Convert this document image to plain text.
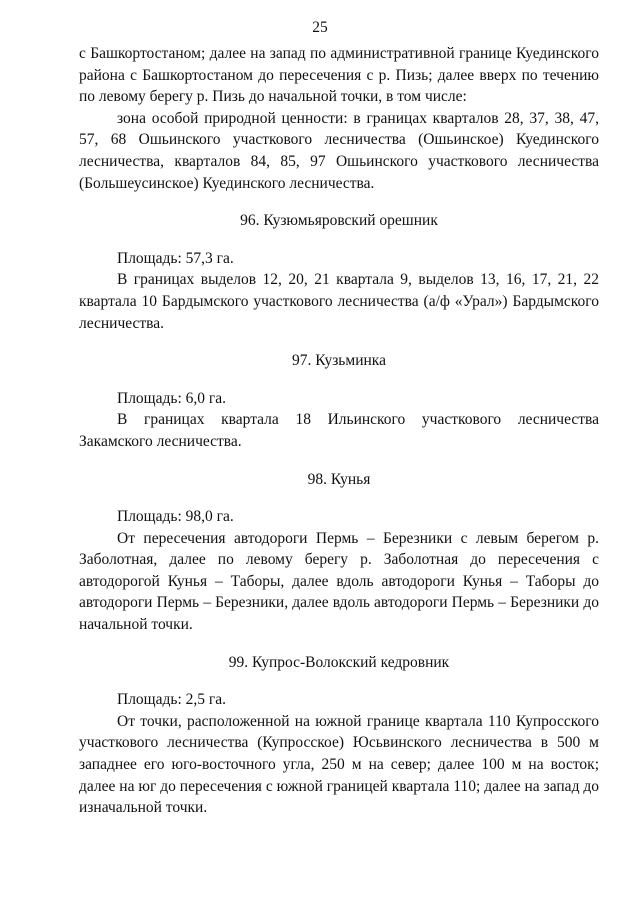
25

с Башкортостаном; далее на запад по административной границе Куединского района с Башкортостаном до пересечения с р. Пизь; далее вверх по течению по левому берегу р. Пизь до начальной точки, в том числе:

зона особой природной ценности: в границах кварталов 28, 37, 38, 47, 57, 68 Ошьинского участкового лесничества (Ошьинское) Куединского лесничества, кварталов 84, 85, 97 Ошьинского участкового лесничества (Большеусинское) Куединского лесничества.

96. Кузюмьяровский орешник

Площадь: 57,3 га.

В границах выделов 12, 20, 21 квартала 9, выделов 13, 16, 17, 21, 22 квартала 10 Бардымского участкового лесничества (а/ф «Урал») Бардымского лесничества.

97. Кузьминка

Площадь: 6,0 га.

В границах квартала 18 Ильинского участкового лесничества Закамского лесничества.

98. Кунья

Площадь: 98,0 га.

От пересечения автодороги Пермь – Березники с левым берегом р. Заболотная, далее по левому берегу р. Заболотная до пересечения с автодорогой Кунья – Таборы, далее вдоль автодороги Кунья – Таборы до автодороги Пермь – Березники, далее вдоль автодороги Пермь – Березники до начальной точки.

99. Купрос-Волокский кедровник

Площадь: 2,5 га.

От точки, расположенной на южной границе квартала 110 Купросского участкового лесничества (Купросское) Юсьвинского лесничества в 500 м западнее его юго-восточного угла, 250 м на север; далее 100 м на восток; далее на юг до пересечения с южной границей квартала 110; далее на запад до изначальной точки.
